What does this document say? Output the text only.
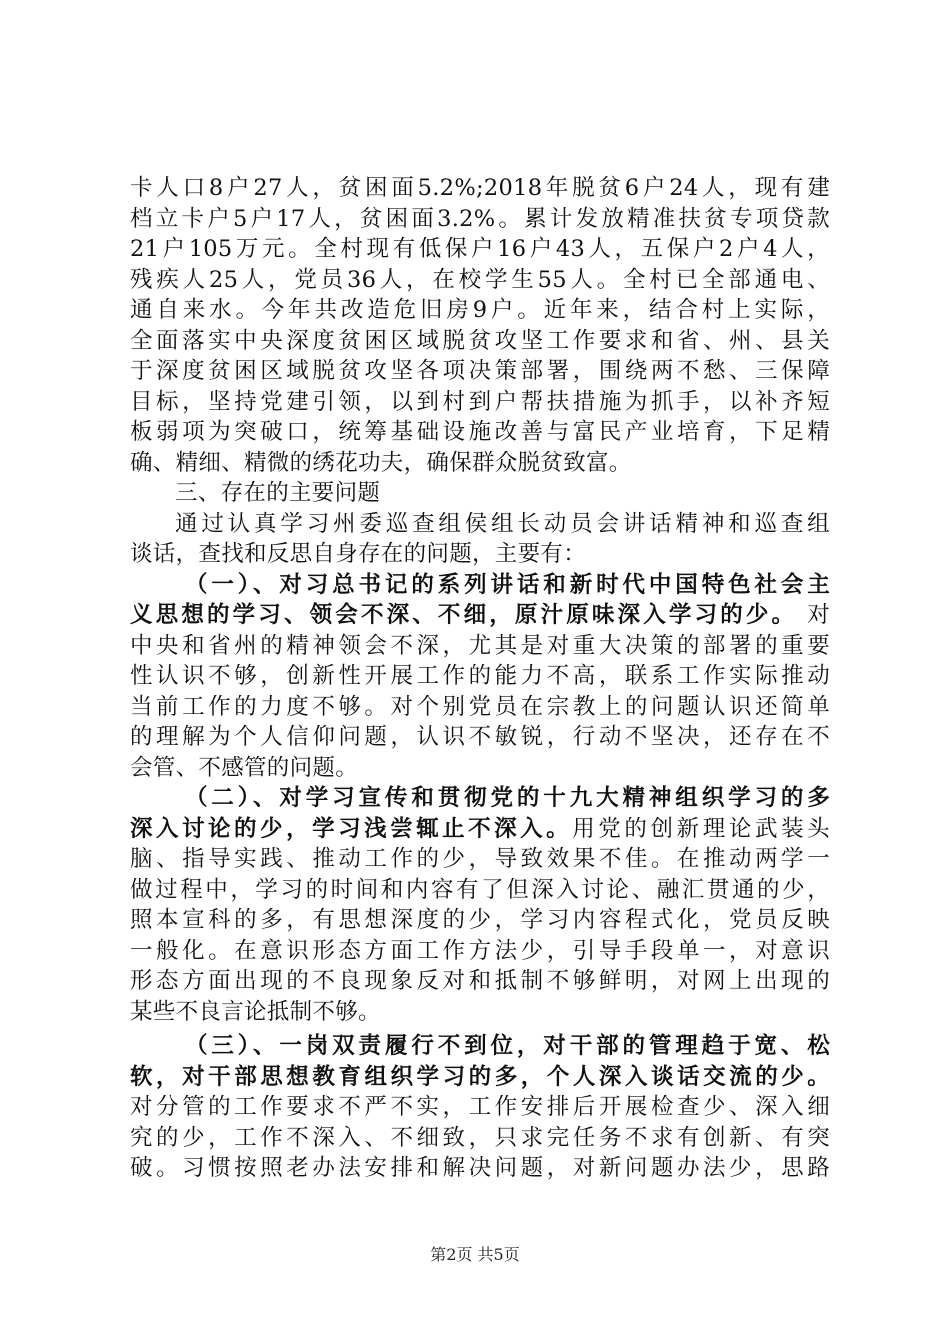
卡人口8户27人，贫困面5.2%;2018年脱贫6户24人，现有建
档立卡户5户17人，贫困面3.2%。累计发放精准扶贫专项贷款
21户105万元。全村现有低保户16户43人，五保户2户4人，
残疾人25人，党员36人，在校学生55人。全村已全部通电、
通自来水。今年共改造危旧房9户。近年来，结合村上实际，
全面落实中央深度贫困区域脱贫攻坚工作要求和省、州、县关
于深度贫困区域脱贫攻坚各项决策部署，围绕两不愁、三保障
目标，坚持党建引领，以到村到户帮扶措施为抓手，以补齐短
板弱项为突破口，统筹基础设施改善与富民产业培育，下足精
确、精细、精微的绣花功夫，确保群众脱贫致富。
三、存在的主要问题
通过认真学习州委巡查组侯组长动员会讲话精神和巡查组
谈话，查找和反思自身存在的问题，主要有：
（一）、对习总书记的系列讲话和新时代中国特色社会主
义思想的学习、领会不深、不细，原汁原味深入学习的少。 对
中央和省州的精神领会不深，尤其是对重大决策的部署的重要
性认识不够，创新性开展工作的能力不高，联系工作实际推动
当前工作的力度不够。对个别党员在宗教上的问题认识还简单
的理解为个人信仰问题，认识不敏锐，行动不坚决，还存在不
会管、不感管的问题。
（二）、对学习宣传和贯彻党的十九大精神组织学习的多
深入讨论的少，学习浅尝辄止不深入。用党的创新理论武装头
脑、指导实践、推动工作的少，导致效果不佳。在推动两学一
做过程中，学习的时间和内容有了但深入讨论、融汇贯通的少，
照本宣科的多，有思想深度的少，学习内容程式化，党员反映
一般化。在意识形态方面工作方法少，引导手段单一，对意识
形态方面出现的不良现象反对和抵制不够鲜明，对网上出现的
某些不良言论抵制不够。
（三）、一岗双责履行不到位，对干部的管理趋于宽、松
软，对干部思想教育组织学习的多，个人深入谈话交流的少。
对分管的工作要求不严不实，工作安排后开展检查少、深入细
究的少，工作不深入、不细致，只求完任务不求有创新、有突
破。习惯按照老办法安排和解决问题，对新问题办法少，思路
第2页 共5页
